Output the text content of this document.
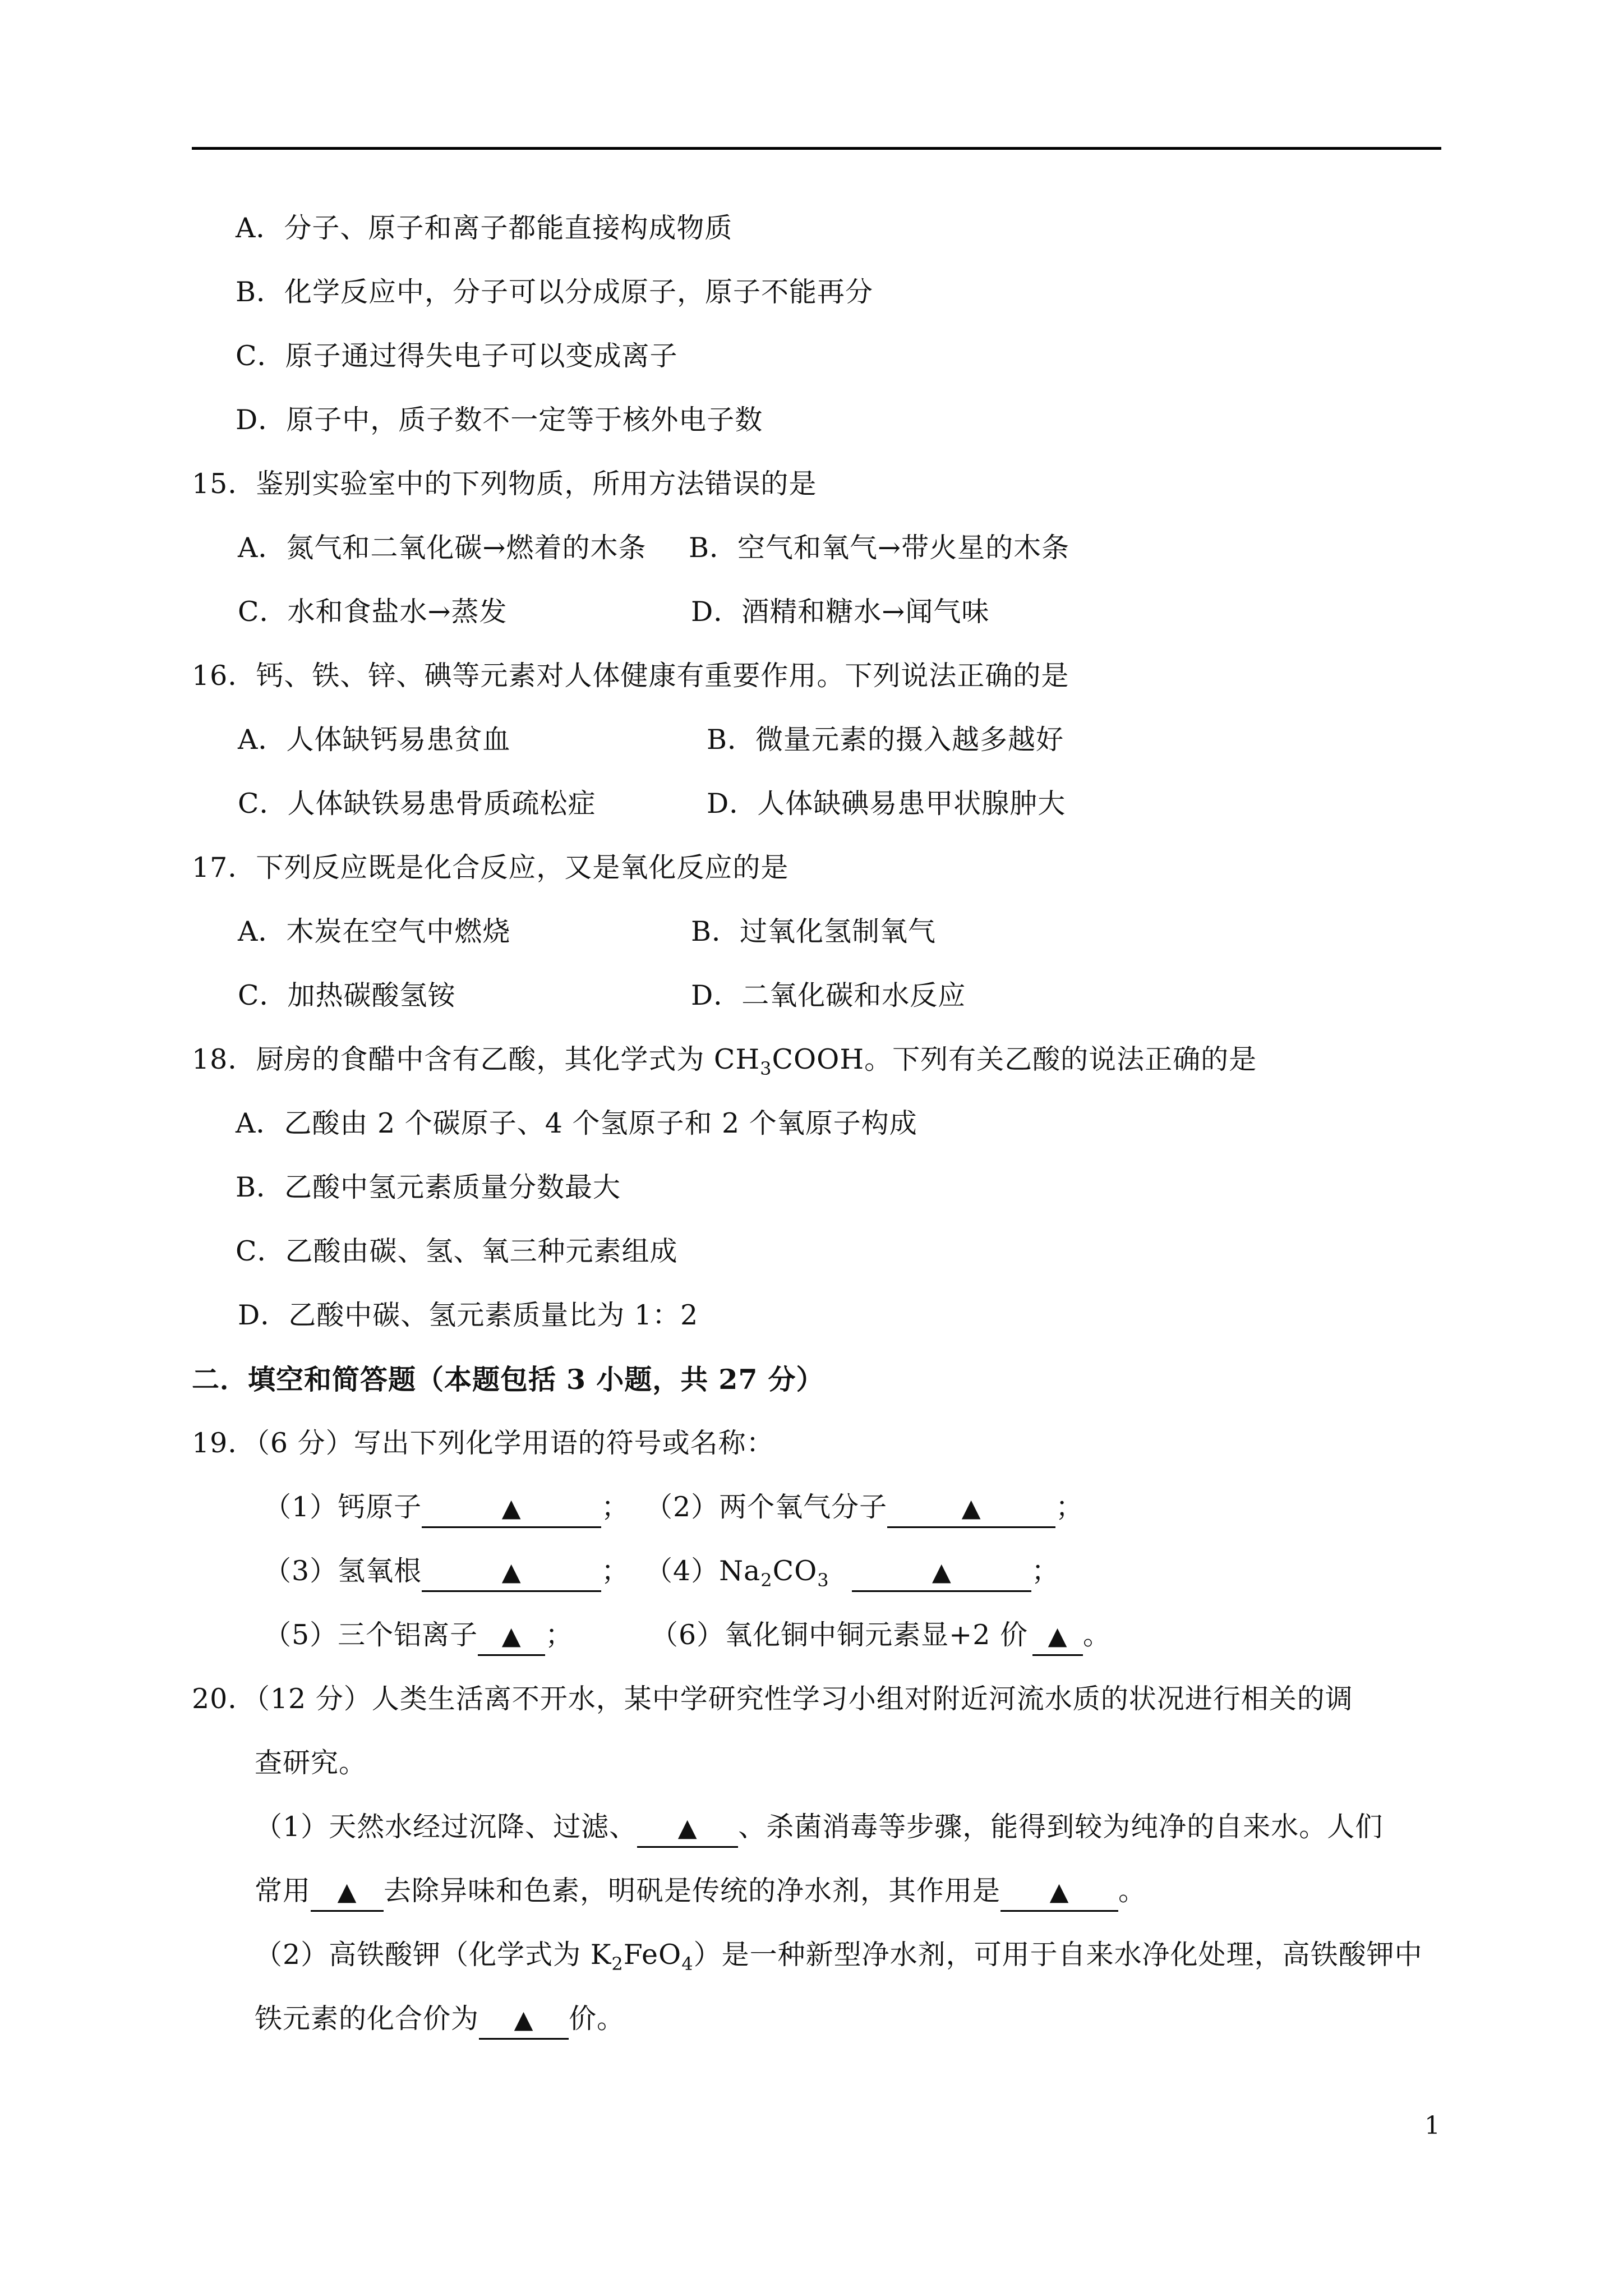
A．分子、原子和离子都能直接构成物质
B．化学反应中，分子可以分成原子，原子不能再分
C．原子通过得失电子可以变成离子
D．原子中，质子数不一定等于核外电子数
15．鉴别实验室中的下列物质，所用方法错误的是
A．氮气和二氧化碳→燃着的木条 B．空气和氧气→带火星的木条
C．水和食盐水→蒸发	D．酒精和糖水→闻气味
16．钙、铁、锌、碘等元素对人体健康有重要作用。下列说法正确的是
A．人体缺钙易患贫血	B．微量元素的摄入越多越好
C．人体缺铁易患骨质疏松症	D．人体缺碘易患甲状腺肿大
17．下列反应既是化合反应，又是氧化反应的是
A．木炭在空气中燃烧	B．过氧化氢制氧气
C．加热碳酸氢铵	D．二氧化碳和水反应
18．厨房的食醋中含有乙酸，其化学式为 $CH_3COOH$。下列有关乙酸的说法正确的是
A．乙酸由 2 个碳原子、4 个氢原子和 2 个氧原子构成
B．乙酸中氢元素质量分数最大
C．乙酸由碳、氢、氧三种元素组成
D．乙酸中碳、氢元素质量比为 1：2
二．填空和简答题（本题包括 3 小题，共 27 分）
19．（6 分）写出下列化学用语的符号或名称：
（1）钙原子	▲	； （2）两个氧气分子	▲	；
（3）氢氧根	▲	； $(4)Na_2CO_3$	▲	；
（5）三个铝离子 ▲ ；	（6）氧化铜中铜元素显+2 价 ▲ 。
20．（12 分）人类生活离不开水，某中学研究性学习小组对附近河流水质的状况进行相关的调
查研究。
（1）天然水经过沉降、过滤、 ▲ 、杀菌消毒等步骤，能得到较为纯净的自来水。人们
常用 ▲ 去除异味和色素，明矾是传统的净水剂，其作用是 ▲ 。
（2）高铁酸钾（化学式为 $K_2FeO_4$）是一种新型净水剂，可用于自来水净化处理，高铁酸钾中
铁元素的化合价为 ▲ 价。
1
